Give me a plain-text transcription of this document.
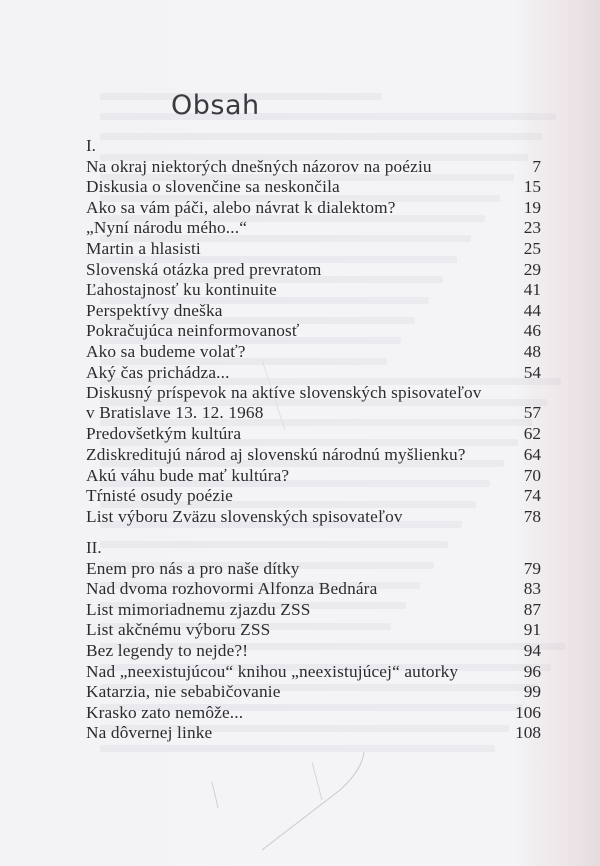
Obsah
I.
Na okraj niektorých dnešných názorov na poéziu	7
Diskusia o slovenčine sa neskončila	15
Ako sa vám páči, alebo návrat k dialektom?	19
„Nyní národu mého...“	23
Martin a hlasisti	25
Slovenská otázka pred prevratom	29
Ľahostajnosť ku kontinuite	41
Perspektívy dneška	44
Pokračujúca neinformovanosť	46
Ako sa budeme volať?	48
Aký čas prichádza...	54
Diskusný príspevok na aktíve slovenských spisovateľov
v Bratislave 13. 12. 1968	57
Predovšetkým kultúra	62
Zdiskreditujú národ aj slovenskú národnú myšlienku?	64
Akú váhu bude mať kultúra?	70
Tŕnisté osudy poézie	74
List výboru Zväzu slovenských spisovateľov	78
II.
Enem pro nás a pro naše dítky	79
Nad dvoma rozhovormi Alfonza Bednára	83
List mimoriadnemu zjazdu ZSS	87
List akčnému výboru ZSS	91
Bez legendy to nejde?!	94
Nad „neexistujúcou“ knihou „neexistujúcej“ autorky	96
Katarzia, nie sebabičovanie	99
Krasko zato nemôže...	106
Na dôvernej linke	108
